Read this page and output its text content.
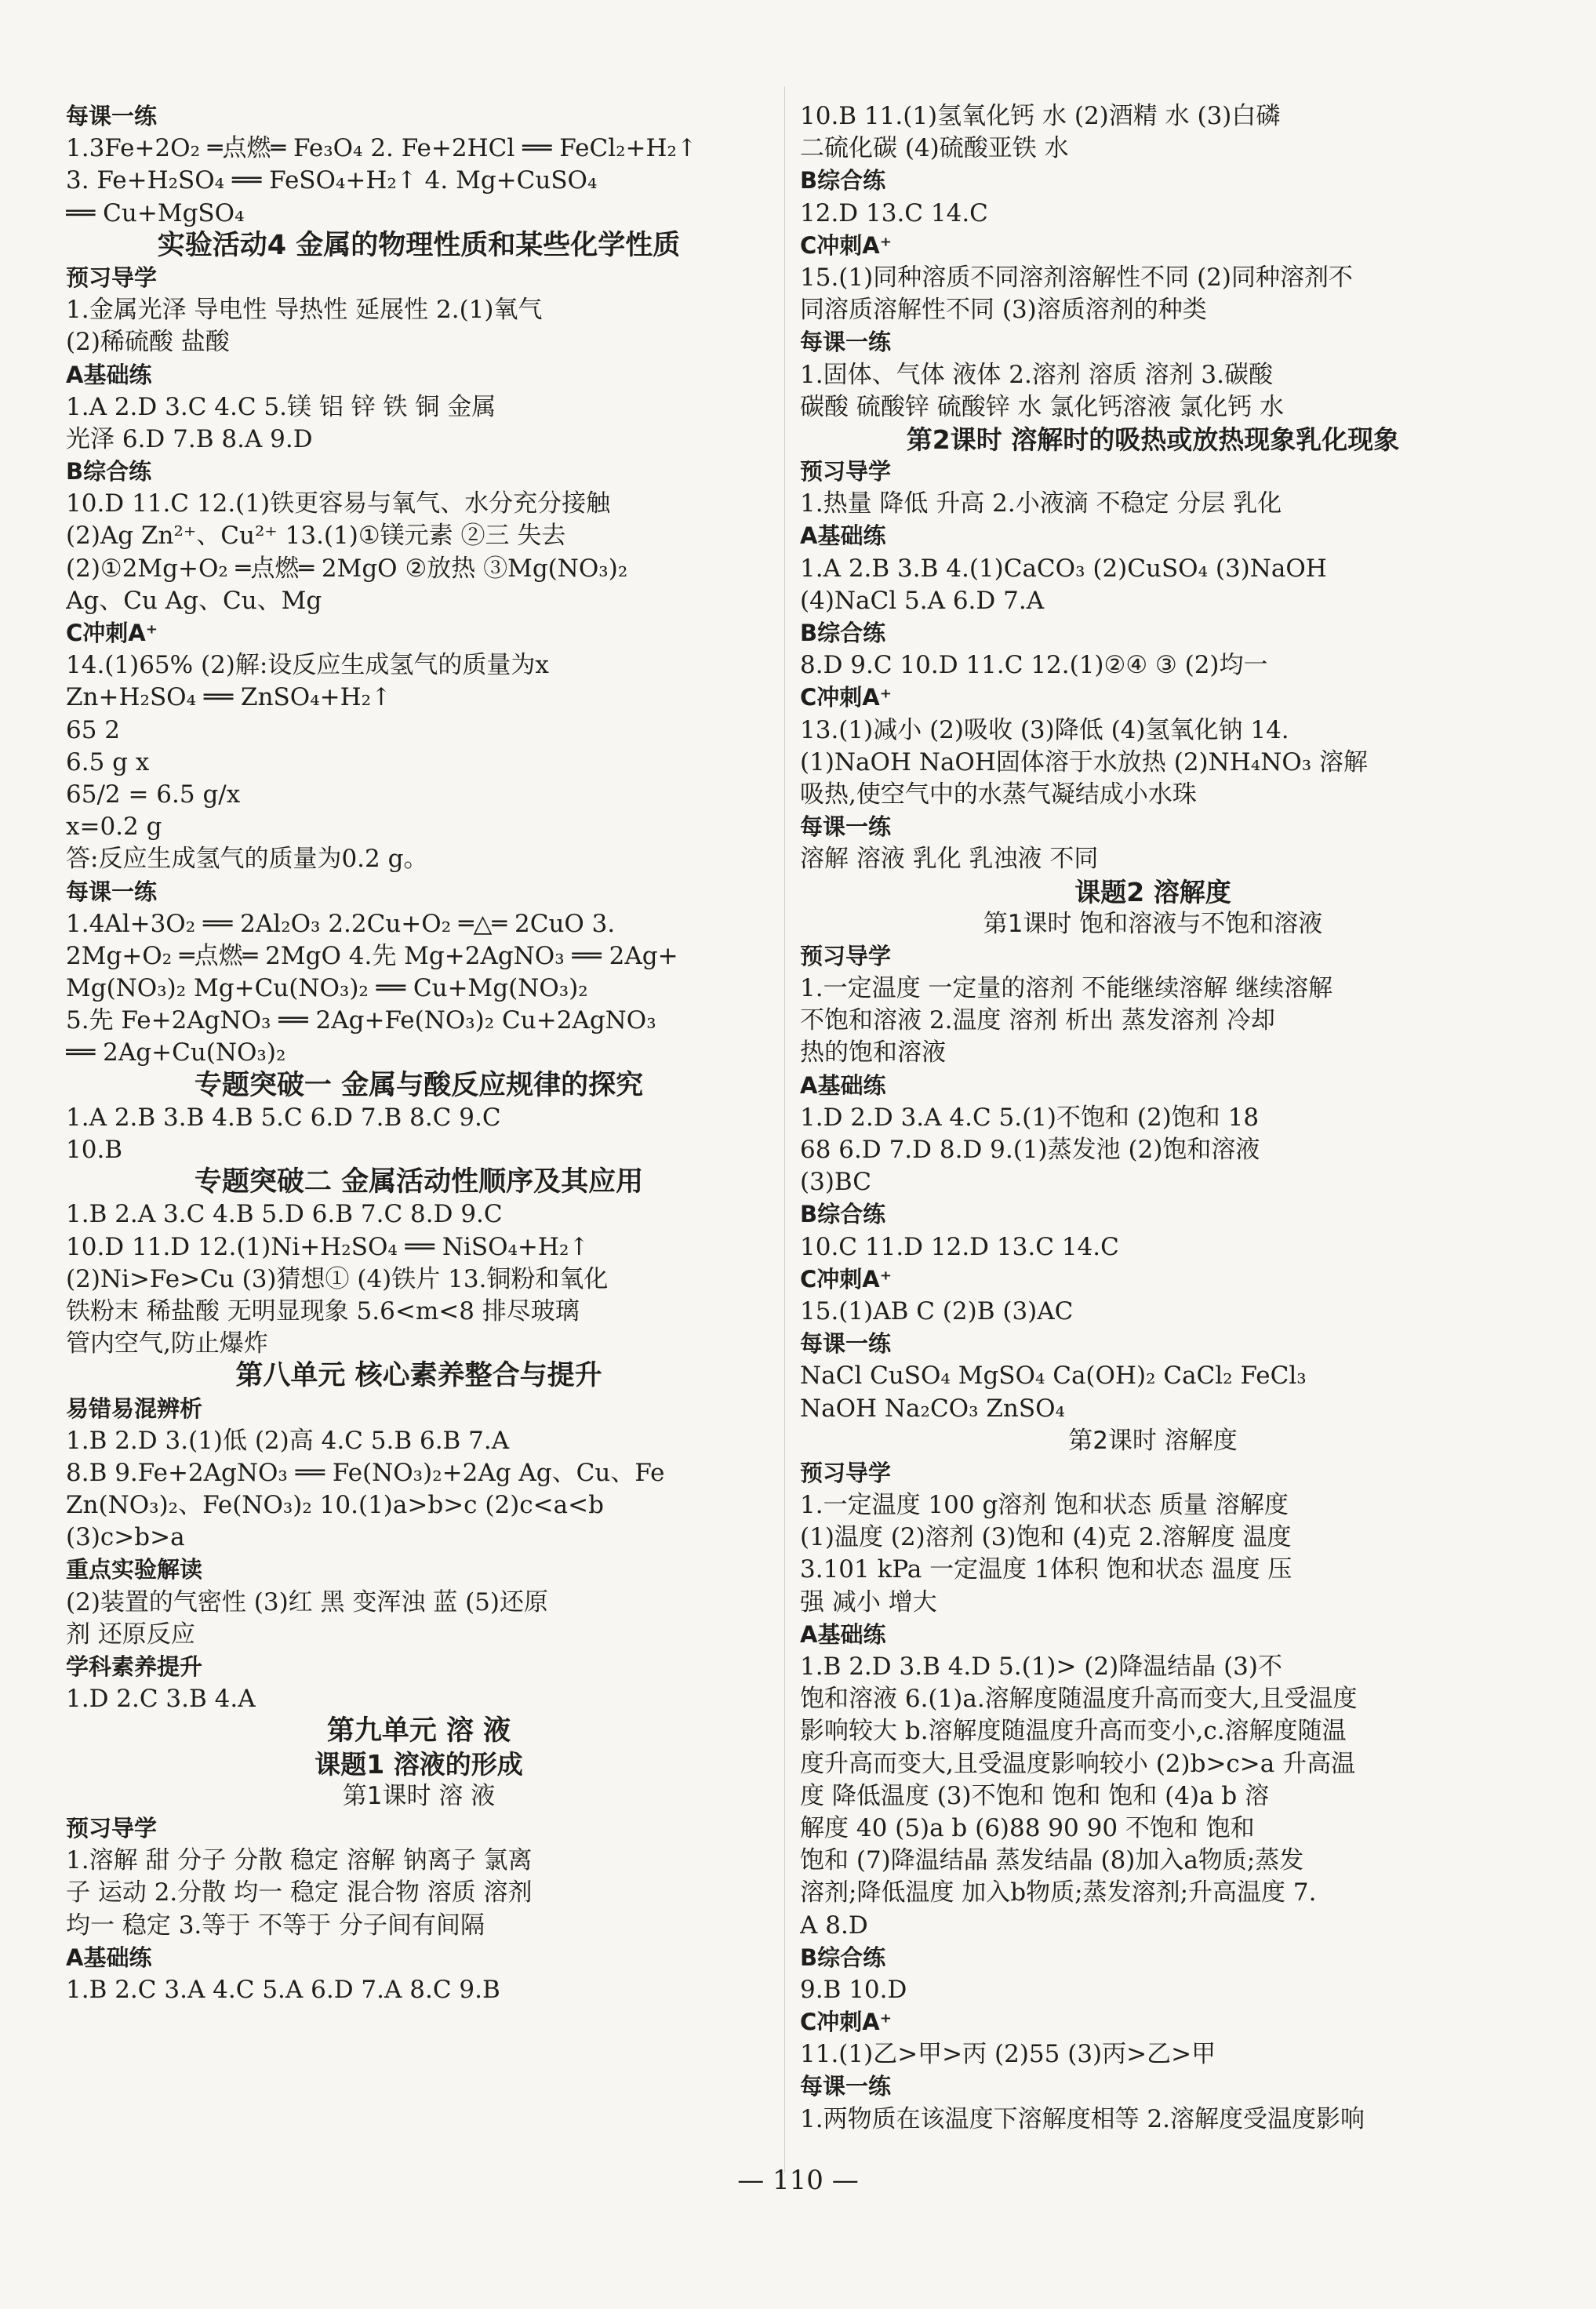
每课一练
1.3Fe+2O₂ ═点燃═ Fe₃O₄ 2. Fe+2HCl ══ FeCl₂+H₂↑
3. Fe+H₂SO₄ ══ FeSO₄+H₂↑ 4. Mg+CuSO₄
══ Cu+MgSO₄
实验活动4 金属的物理性质和某些化学性质
预习导学
1.金属光泽 导电性 导热性 延展性 2.(1)氧气
(2)稀硫酸 盐酸
A基础练
1.A 2.D 3.C 4.C 5.镁 铝 锌 铁 铜 金属
光泽 6.D 7.B 8.A 9.D
B综合练
10.D 11.C 12.(1)铁更容易与氧气、水分充分接触
(2)Ag Zn²⁺、Cu²⁺ 13.(1)①镁元素 ②三 失去
(2)①2Mg+O₂ ═点燃═ 2MgO ②放热 ③Mg(NO₃)₂
Ag、Cu Ag、Cu、Mg
C冲刺A⁺
14.(1)65% (2)解:设反应生成氢气的质量为x
Zn+H₂SO₄ ══ ZnSO₄+H₂↑
65 2
6.5 g x
65/2 = 6.5 g/x
x=0.2 g
答:反应生成氢气的质量为0.2 g。
每课一练
1.4Al+3O₂ ══ 2Al₂O₃ 2.2Cu+O₂ ═△═ 2CuO 3.
2Mg+O₂ ═点燃═ 2MgO 4.先 Mg+2AgNO₃ ══ 2Ag+
Mg(NO₃)₂ Mg+Cu(NO₃)₂ ══ Cu+Mg(NO₃)₂
5.先 Fe+2AgNO₃ ══ 2Ag+Fe(NO₃)₂ Cu+2AgNO₃
══ 2Ag+Cu(NO₃)₂
专题突破一 金属与酸反应规律的探究
1.A 2.B 3.B 4.B 5.C 6.D 7.B 8.C 9.C
10.B
专题突破二 金属活动性顺序及其应用
1.B 2.A 3.C 4.B 5.D 6.B 7.C 8.D 9.C
10.D 11.D 12.(1)Ni+H₂SO₄ ══ NiSO₄+H₂↑
(2)Ni>Fe>Cu (3)猜想① (4)铁片 13.铜粉和氧化
铁粉末 稀盐酸 无明显现象 5.6<m<8 排尽玻璃
管内空气,防止爆炸
第八单元 核心素养整合与提升
易错易混辨析
1.B 2.D 3.(1)低 (2)高 4.C 5.B 6.B 7.A
8.B 9.Fe+2AgNO₃ ══ Fe(NO₃)₂+2Ag Ag、Cu、Fe
Zn(NO₃)₂、Fe(NO₃)₂ 10.(1)a>b>c (2)c<a<b
(3)c>b>a
重点实验解读
(2)装置的气密性 (3)红 黑 变浑浊 蓝 (5)还原
剂 还原反应
学科素养提升
1.D 2.C 3.B 4.A
第九单元 溶 液
课题1 溶液的形成
第1课时 溶 液
预习导学
1.溶解 甜 分子 分散 稳定 溶解 钠离子 氯离
子 运动 2.分散 均一 稳定 混合物 溶质 溶剂
均一 稳定 3.等于 不等于 分子间有间隔
A基础练
1.B 2.C 3.A 4.C 5.A 6.D 7.A 8.C 9.B
10.B 11.(1)氢氧化钙 水 (2)酒精 水 (3)白磷
二硫化碳 (4)硫酸亚铁 水
B综合练
12.D 13.C 14.C
C冲刺A⁺
15.(1)同种溶质不同溶剂溶解性不同 (2)同种溶剂不
同溶质溶解性不同 (3)溶质溶剂的种类
每课一练
1.固体、气体 液体 2.溶剂 溶质 溶剂 3.碳酸
碳酸 硫酸锌 硫酸锌 水 氯化钙溶液 氯化钙 水
第2课时 溶解时的吸热或放热现象乳化现象
预习导学
1.热量 降低 升高 2.小液滴 不稳定 分层 乳化
A基础练
1.A 2.B 3.B 4.(1)CaCO₃ (2)CuSO₄ (3)NaOH
(4)NaCl 5.A 6.D 7.A
B综合练
8.D 9.C 10.D 11.C 12.(1)②④ ③ (2)均一
C冲刺A⁺
13.(1)减小 (2)吸收 (3)降低 (4)氢氧化钠 14.
(1)NaOH NaOH固体溶于水放热 (2)NH₄NO₃ 溶解
吸热,使空气中的水蒸气凝结成小水珠
每课一练
溶解 溶液 乳化 乳浊液 不同
课题2 溶解度
第1课时 饱和溶液与不饱和溶液
预习导学
1.一定温度 一定量的溶剂 不能继续溶解 继续溶解
不饱和溶液 2.温度 溶剂 析出 蒸发溶剂 冷却
热的饱和溶液
A基础练
1.D 2.D 3.A 4.C 5.(1)不饱和 (2)饱和 18
68 6.D 7.D 8.D 9.(1)蒸发池 (2)饱和溶液
(3)BC
B综合练
10.C 11.D 12.D 13.C 14.C
C冲刺A⁺
15.(1)AB C (2)B (3)AC
每课一练
NaCl CuSO₄ MgSO₄ Ca(OH)₂ CaCl₂ FeCl₃
NaOH Na₂CO₃ ZnSO₄
第2课时 溶解度
预习导学
1.一定温度 100 g溶剂 饱和状态 质量 溶解度
(1)温度 (2)溶剂 (3)饱和 (4)克 2.溶解度 温度
3.101 kPa 一定温度 1体积 饱和状态 温度 压
强 减小 增大
A基础练
1.B 2.D 3.B 4.D 5.(1)> (2)降温结晶 (3)不
饱和溶液 6.(1)a.溶解度随温度升高而变大,且受温度
影响较大 b.溶解度随温度升高而变小,c.溶解度随温
度升高而变大,且受温度影响较小 (2)b>c>a 升高温
度 降低温度 (3)不饱和 饱和 饱和 (4)a b 溶
解度 40 (5)a b (6)88 90 90 不饱和 饱和
饱和 (7)降温结晶 蒸发结晶 (8)加入a物质;蒸发
溶剂;降低温度 加入b物质;蒸发溶剂;升高温度 7.
A 8.D
B综合练
9.B 10.D
C冲刺A⁺
11.(1)乙>甲>丙 (2)55 (3)丙>乙>甲
每课一练
1.两物质在该温度下溶解度相等 2.溶解度受温度影响
— 110 —
